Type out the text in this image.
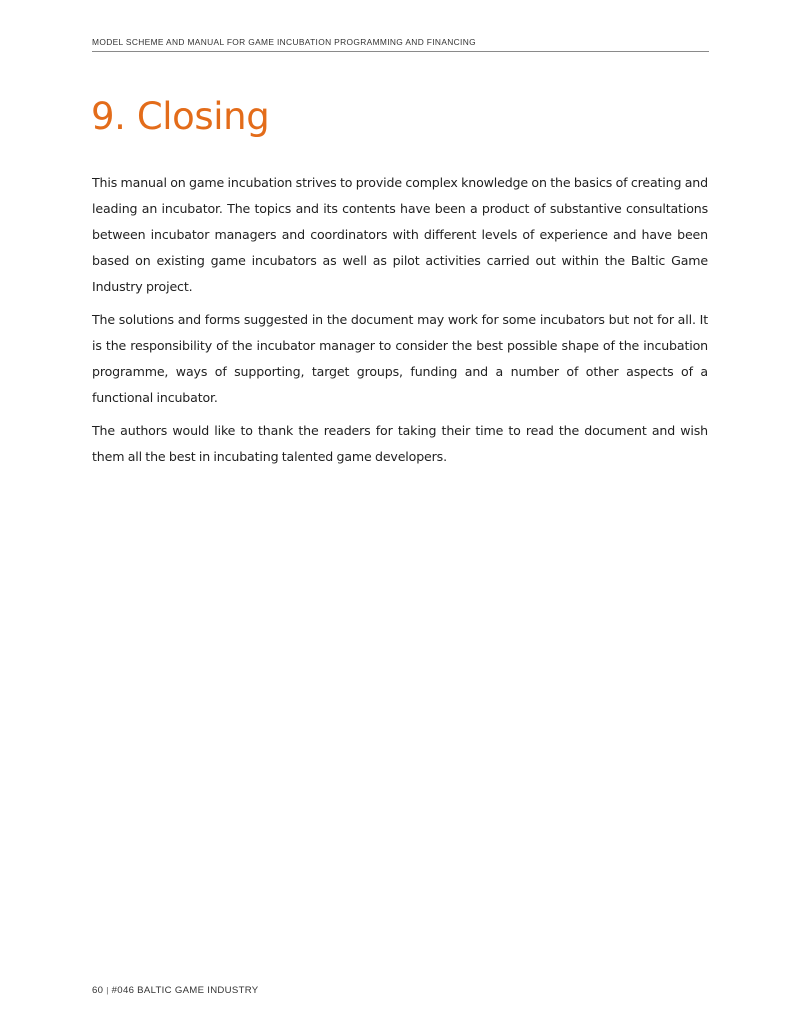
MODEL SCHEME AND MANUAL FOR GAME INCUBATION PROGRAMMING AND FINANCING
9. Closing

This manual on game incubation strives to provide complex knowledge on the basics of creating and leading an incubator. The topics and its contents have been a product of substantive consultations between incubator managers and coordinators with different levels of experience and have been based on existing game incubators as well as pilot activities carried out within the Baltic Game Industry project.

The solutions and forms suggested in the document may work for some incubators but not for all. It is the responsibility of the incubator manager to consider the best possible shape of the incubation programme, ways of supporting, target groups, funding and a number of other aspects of a functional incubator.

The authors would like to thank the readers for taking their time to read the document and wish them all the best in incubating talented game developers.

60 | #046 BALTIC GAME INDUSTRY
